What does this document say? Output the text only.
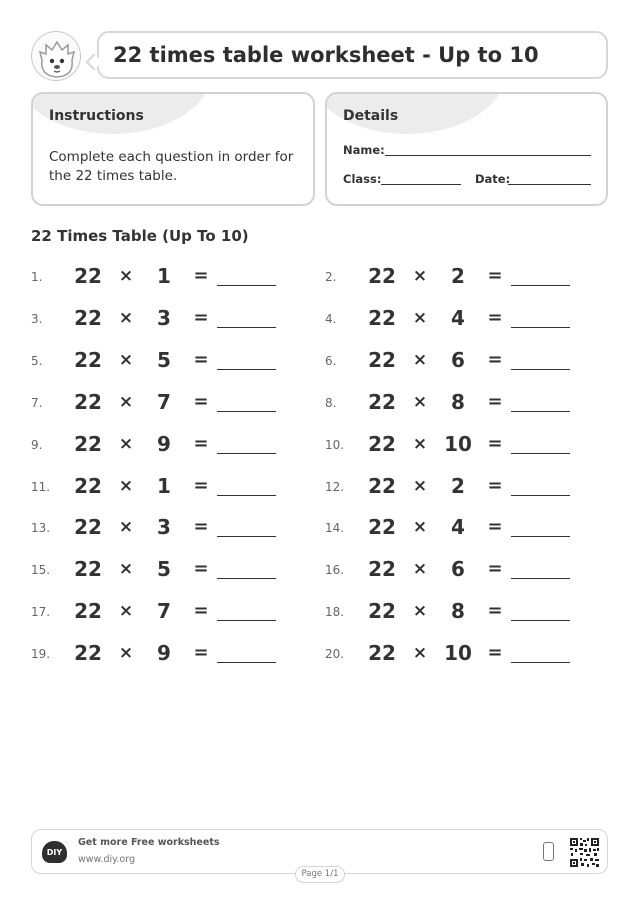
22 times table worksheet - Up to 10
Instructions
Complete each question in order for the 22 times table.
Details
Name:
Class:	Date:
22 Times Table (Up To 10)
1. 22 ×	1	=	2. 22 ×	2	=
3. 22 ×	3	=	4. 22 ×	4	=
5. 22 ×	5	=	6. 22 ×	6	=
7. 22 ×	7	=	8. 22 ×	8	=
9. 22 ×	9	=	10. 22 × 10 =
11. 22 ×	1	=	12. 22 ×	2	=
13. 22 ×	3	=	14. 22 ×	4	=
15. 22 ×	5	=	16. 22 ×	6	=
17. 22 ×	7	=	18. 22 ×	8	=
19. 22 ×	9	=	20. 22 × 10 =
DIY
Get more Free worksheets
www.diy.org
Page 1/1
